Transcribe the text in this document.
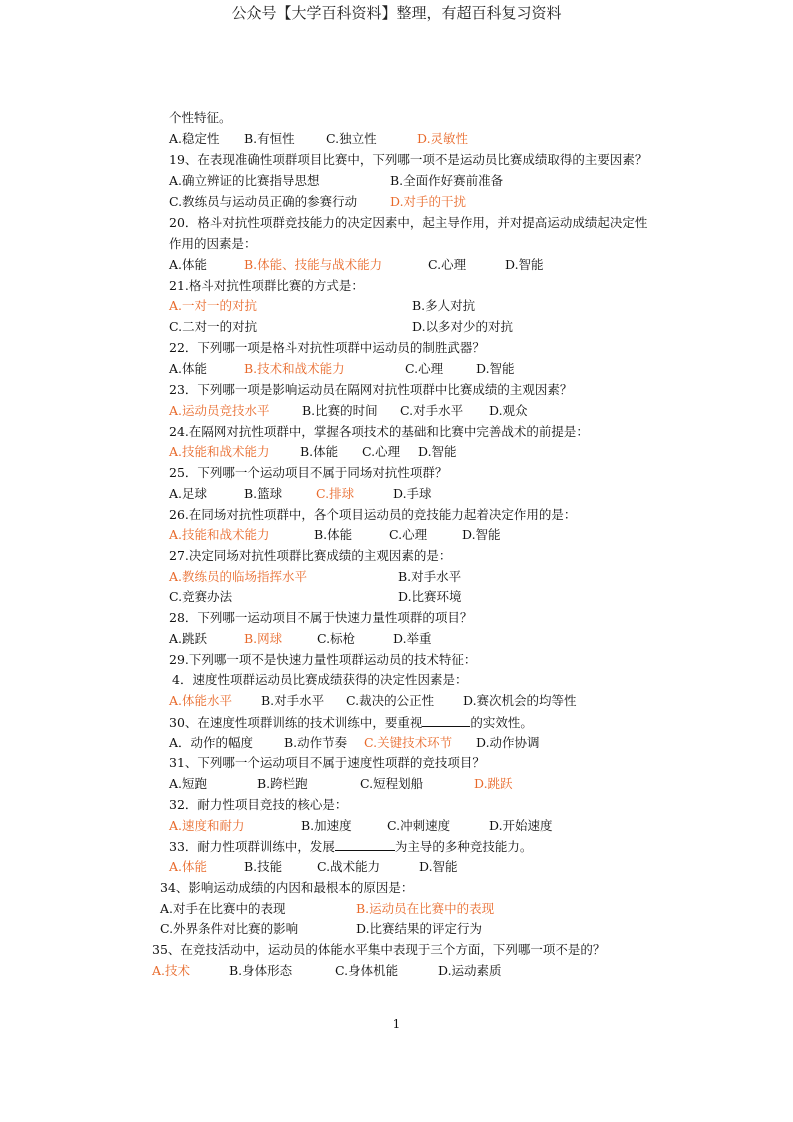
公众号【大学百科资料】整理，有超百科复习资料
个性特征。
A.稳定性 B.有恒性	C.独立性	D.灵敏性
19、在表现准确性项群项目比赛中，下列哪一项不是运动员比赛成绩取得的主要因素？
A.确立辨证的比赛指导思想	B.全面作好赛前准备
C.教练员与运动员正确的参赛行动	D.对手的干扰
20．格斗对抗性项群竞技能力的决定因素中，起主导作用，并对提高运动成绩起决定性
作用的因素是：
A.体能	B.体能、技能与战术能力	C.心理	D.智能
21.格斗对抗性项群比赛的方式是：
A.一对一的对抗	B.多人对抗
C.二对一的对抗	D.以多对少的对抗
22．下列哪一项是格斗对抗性项群中运动员的制胜武器？
A.体能	B.技术和战术能力	C.心理	D.智能
23．下列哪一项是影响运动员在隔网对抗性项群中比赛成绩的主观因素？
A.运动员竞技水平	B.比赛的时间 C.对手水平 D.观众
24.在隔网对抗性项群中，掌握各项技术的基础和比赛中完善战术的前提是：
A.技能和战术能力 B.体能 C.心理 D.智能
25．下列哪一个运动项目不属于同场对抗性项群？
A.足球	B.篮球	C.排球	D.手球
26.在同场对抗性项群中，各个项目运动员的竞技能力起着决定作用的是：
A.技能和战术能力	B.体能	C.心理	D.智能
27.决定同场对抗性项群比赛成绩的主观因素的是：
A.教练员的临场指挥水平	B.对手水平
C.竞赛办法	D.比赛环境
28．下列哪一运动项目不属于快速力量性项群的项目？
A.跳跃	B.网球	C.标枪	D.举重
29.下列哪一项不是快速力量性项群运动员的技术特征：
4．速度性项群运动员比赛成绩获得的决定性因素是：
A.体能水平 B.对手水平 C.裁决的公正性 D.赛次机会的均等性
30、在速度性项群训练的技术训练中，要重视	的实效性。
A．动作的幅度 B.动作节奏 C.关键技术环节 D.动作协调
31、下列哪一个运动项目不属于速度性项群的竞技项目？
A.短跑	B.跨栏跑	C.短程划船	D.跳跃
32．耐力性项目竞技的核心是：
A.速度和耐力	B.加速度	C.冲刺速度	D.开始速度
33．耐力性项群训练中，发展	为主导的多种竞技能力。
A.体能	B.技能	C.战术能力	D.智能
34、影响运动成绩的内因和最根本的原因是：
A.对手在比赛中的表现	B.运动员在比赛中的表现
C.外界条件对比赛的影响	D.比赛结果的评定行为
35、在竞技活动中，运动员的体能水平集中表现于三个方面，下列哪一项不是的？
A.技术	B.身体形态	C.身体机能	D.运动素质
1
